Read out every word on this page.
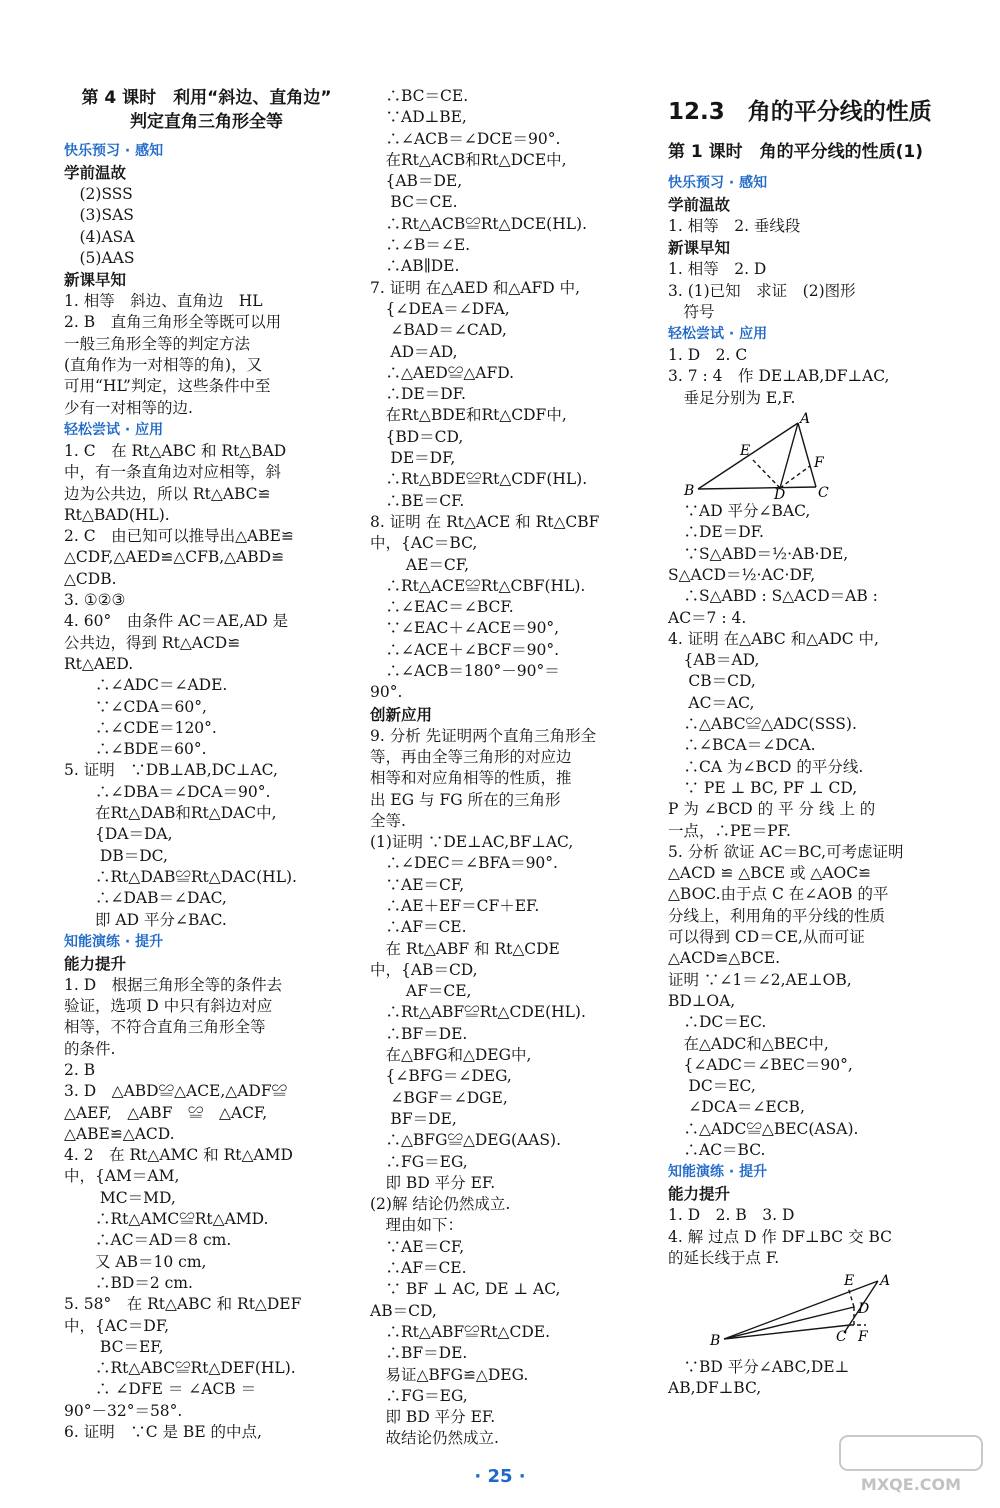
第 4 课时　利用“斜边、直角边”
判定直角三角形全等
快乐预习 · 感知
学前温故
　(2)SSS
　(3)SAS
　(4)ASA
　(5)AAS
新课早知
1. 相等　斜边、直角边　HL
2. B　直角三角形全等既可以用
一般三角形全等的判定方法
(直角作为一对相等的角)，又
可用“HL”判定，这些条件中至
少有一对相等的边.
轻松尝试 · 应用
1. C　在 Rt△ABC 和 Rt△BAD
中，有一条直角边对应相等，斜
边为公共边，所以 Rt△ABC≌
Rt△BAD(HL).
2. C　由已知可以推导出△ABE≌
△CDF,△AED≌△CFB,△ABD≌
△CDB.
3. ①②③
4. 60°　由条件 AC＝AE,AD 是
公共边，得到 Rt△ACD≌
Rt△AED.
　　∴∠ADC＝∠ADE.
　　∵∠CDA＝60°,
　　∴∠CDE＝120°.
　　∴∠BDE＝60°.
5. 证明　∵DB⊥AB,DC⊥AC,
　　∴∠DBA＝∠DCA＝90°.
　　在Rt△DAB和Rt△DAC中,
　　{DA＝DA,
　　 DB＝DC,
　　∴Rt△DAB≌Rt△DAC(HL).
　　∴∠DAB＝∠DAC,
　　即 AD 平分∠BAC.
知能演练 · 提升
能力提升
1. D　根据三角形全等的条件去
验证，选项 D 中只有斜边对应
相等，不符合直角三角形全等
的条件.
2. B
3. D　△ABD≌△ACE,△ADF≌
△AEF,　△ABF　≌　△ACF,
△ABE≌△ACD.
4. 2　在 Rt△AMC 和 Rt△AMD
中，{AM＝AM,
　　 MC＝MD,
　　∴Rt△AMC≌Rt△AMD.
　　∴AC＝AD＝8 cm.
　　又 AB＝10 cm,
　　∴BD＝2 cm.
5. 58°　在 Rt△ABC 和 Rt△DEF
中，{AC＝DF,
　　 BC＝EF,
　　∴Rt△ABC≌Rt△DEF(HL).
　　∴ ∠DFE ＝ ∠ACB ＝
90°－32°＝58°.
6. 证明　∵C 是 BE 的中点,
　∴BC＝CE.
　∵AD⊥BE,
　∴∠ACB＝∠DCE＝90°.
　在Rt△ACB和Rt△DCE中,
　{AB＝DE,
　 BC＝CE.
　∴Rt△ACB≌Rt△DCE(HL).
　∴∠B＝∠E.
　∴AB∥DE.
7. 证明 在△AED 和△AFD 中,
　{∠DEA＝∠DFA,
　 ∠BAD＝∠CAD,
　 AD＝AD,
　∴△AED≌△AFD.
　∴DE＝DF.
　在Rt△BDE和Rt△CDF中,
　{BD＝CD,
　 DE＝DF,
　∴Rt△BDE≌Rt△CDF(HL).
　∴BE＝CF.
8. 证明 在 Rt△ACE 和 Rt△CBF
中，{AC＝BC,
　　 AE＝CF,
　∴Rt△ACE≌Rt△CBF(HL).
　∴∠EAC＝∠BCF.
　∵∠EAC＋∠ACE＝90°,
　∴∠ACE＋∠BCF＝90°.
　∴∠ACB＝180°－90°＝
90°.
创新应用
9. 分析 先证明两个直角三角形全
等，再由全等三角形的对应边
相等和对应角相等的性质，推
出 EG 与 FG 所在的三角形
全等.
(1)证明 ∵DE⊥AC,BF⊥AC,
　∴∠DEC＝∠BFA＝90°.
　∵AE＝CF,
　∴AE＋EF＝CF＋EF.
　∴AF＝CE.
　在 Rt△ABF 和 Rt△CDE
中，{AB＝CD,
　　 AF＝CE,
　∴Rt△ABF≌Rt△CDE(HL).
　∴BF＝DE.
　在△BFG和△DEG中,
　{∠BFG＝∠DEG,
　 ∠BGF＝∠DGE,
　 BF＝DE,
　∴△BFG≌△DEG(AAS).
　∴FG＝EG,
　即 BD 平分 EF.
(2)解 结论仍然成立.
　理由如下：
　∵AE＝CF,
　∴AF＝CE.
　∵ BF ⊥ AC, DE ⊥ AC,
AB＝CD,
　∴Rt△ABF≌Rt△CDE.
　∴BF＝DE.
　易证△BFG≌△DEG.
　∴FG＝EG,
　即 BD 平分 EF.
　故结论仍然成立.
12.3　角的平分线的性质
第 1 课时　角的平分线的性质(1)
快乐预习 · 感知
学前温故
1. 相等　2. 垂线段
新课早知
1. 相等　2. D
3. (1)已知　求证　(2)图形
　符号
轻松尝试 · 应用
1. D　2. C
3. 7 : 4　作 DE⊥AB,DF⊥AC,
　垂足分别为 E,F.
A
B	C
D
E
F
　∵AD 平分∠BAC,
　∴DE＝DF.
　∵S△ABD＝½·AB·DE,
S△ACD＝½·AC·DF,
　∴S△ABD : S△ACD＝AB :
AC＝7 : 4.
4. 证明 在△ABC 和△ADC 中,
　{AB＝AD,
　 CB＝CD,
　 AC＝AC,
　∴△ABC≌△ADC(SSS).
　∴∠BCA＝∠DCA.
　∴CA 为∠BCD 的平分线.
　∵ PE ⊥ BC, PF ⊥ CD,
P 为 ∠BCD 的 平 分 线 上 的
一点，∴PE＝PF.
5. 分析 欲证 AC＝BC,可考虑证明
△ACD ≌ △BCE 或 △AOC≌
△BOC.由于点 C 在∠AOB 的平
分线上，利用角的平分线的性质
可以得到 CD＝CE,从而可证
△ACD≌△BCE.
证明 ∵∠1＝∠2,AE⊥OB,
BD⊥OA,
　∴DC＝EC.
　在△ADC和△BEC中,
　{∠ADC＝∠BEC＝90°,
　 DC＝EC,
　 ∠DCA＝∠ECB,
　∴△ADC≌△BEC(ASA).
　∴AC＝BC.
知能演练 · 提升
能力提升
1. D　2. B　3. D
4. 解 过点 D 作 DF⊥BC 交 BC
的延长线于点 F.
A
B	C
D
E
F
　∵BD 平分∠ABC,DE⊥
AB,DF⊥BC,
· 25 ·	MXQE.COM
